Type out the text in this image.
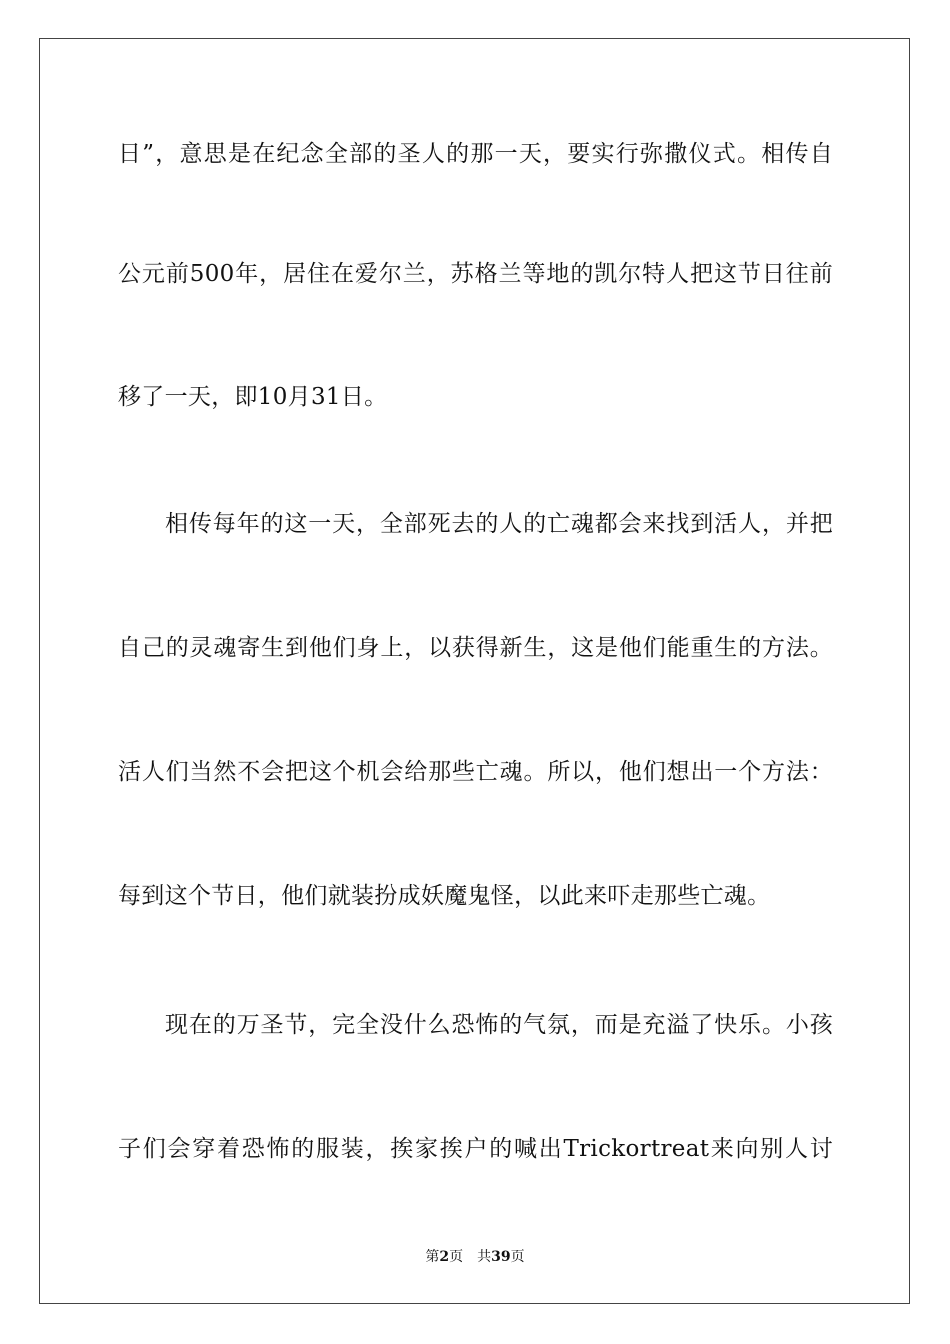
日”，意思是在纪念全部的圣人的那一天，要实行弥撒仪式。相传自
公元前500年，居住在爱尔兰，苏格兰等地的凯尔特人把这节日往前
移了一天，即10月31日。
相传每年的这一天，全部死去的人的亡魂都会来找到活人，并把
自己的灵魂寄生到他们身上，以获得新生，这是他们能重生的方法。
活人们当然不会把这个机会给那些亡魂。所以，他们想出一个方法：
每到这个节日，他们就装扮成妖魔鬼怪，以此来吓走那些亡魂。
现在的万圣节，完全没什么恐怖的气氛，而是充溢了快乐。小孩
子们会穿着恐怖的服装，挨家挨户的喊出Trickortreat来向别人讨
第2页 共39页
